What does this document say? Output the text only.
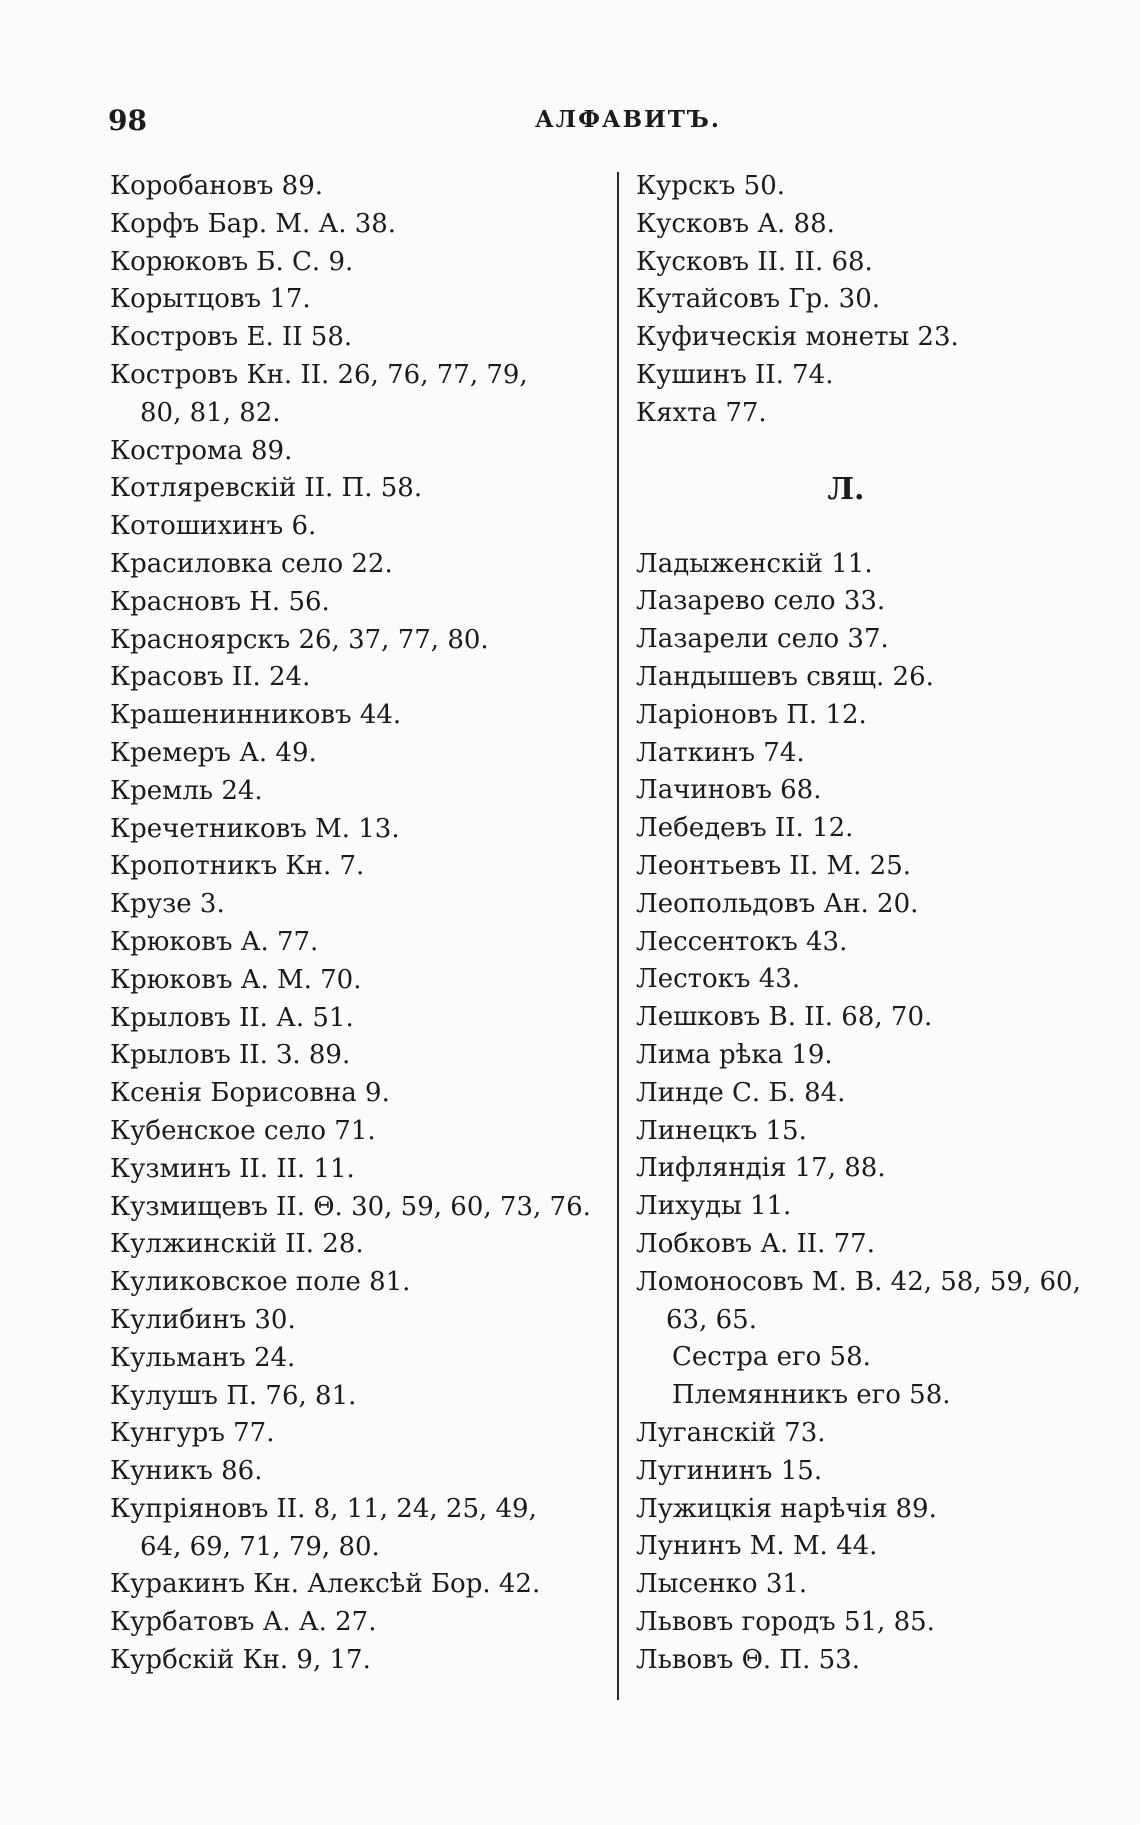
98	АЛФАВИТЪ.
Коробановъ 89.
Корфъ Бар. М. А. 38.
Корюковъ Б. С. 9.
Корытцовъ 17.
Костровъ Е. II 58.
Костровъ Кн. II. 26, 76, 77, 79,
80, 81, 82.
Кострома 89.
Котляревскій II. П. 58.
Котошихинъ 6.
Красиловка село 22.
Красновъ Н. 56.
Красноярскъ 26, 37, 77, 80.
Красовъ II. 24.
Крашенинниковъ 44.
Кремеръ А. 49.
Кремль 24.
Кречетниковъ М. 13.
Кропотникъ Кн. 7.
Крузе 3.
Крюковъ А. 77.
Крюковъ А. М. 70.
Крыловъ II. А. 51.
Крыловъ II. З. 89.
Ксенія Борисовна 9.
Кубенское село 71.
Кузминъ II. II. 11.
Кузмищевъ II. Θ. 30, 59, 60, 73, 76.
Кулжинскій II. 28.
Куликовское поле 81.
Кулибинъ 30.
Кульманъ 24.
Кулушъ П. 76, 81.
Кунгуръ 77.
Куникъ 86.
Купріяновъ II. 8, 11, 24, 25, 49,
64, 69, 71, 79, 80.
Куракинъ Кн. Алексѣй Бор. 42.
Курбатовъ А. А. 27.
Курбскій Кн. 9, 17.
Курскъ 50.
Кусковъ А. 88.
Кусковъ II. II. 68.
Кутайсовъ Гр. 30.
Куфическія монеты 23.
Кушинъ II. 74.
Кяхта 77.
Л.
Ладыженскій 11.
Лазарево село 33.
Лазарели село 37.
Ландышевъ свящ. 26.
Ларіоновъ П. 12.
Латкинъ 74.
Лачиновъ 68.
Лебедевъ II. 12.
Леонтьевъ II. М. 25.
Леопольдовъ Ан. 20.
Лессентокъ 43.
Лестокъ 43.
Лешковъ В. II. 68, 70.
Лима рѣка 19.
Линде С. Б. 84.
Линецкъ 15.
Лифляндія 17, 88.
Лихуды 11.
Лобковъ А. II. 77.
Ломоносовъ М. В. 42, 58, 59, 60,
63, 65.
Сестра его 58.
Племянникъ его 58.
Луганскій 73.
Лугининъ 15.
Лужицкія нарѣчія 89.
Лунинъ М. М. 44.
Лысенко 31.
Львовъ городъ 51, 85.
Львовъ Θ. П. 53.
